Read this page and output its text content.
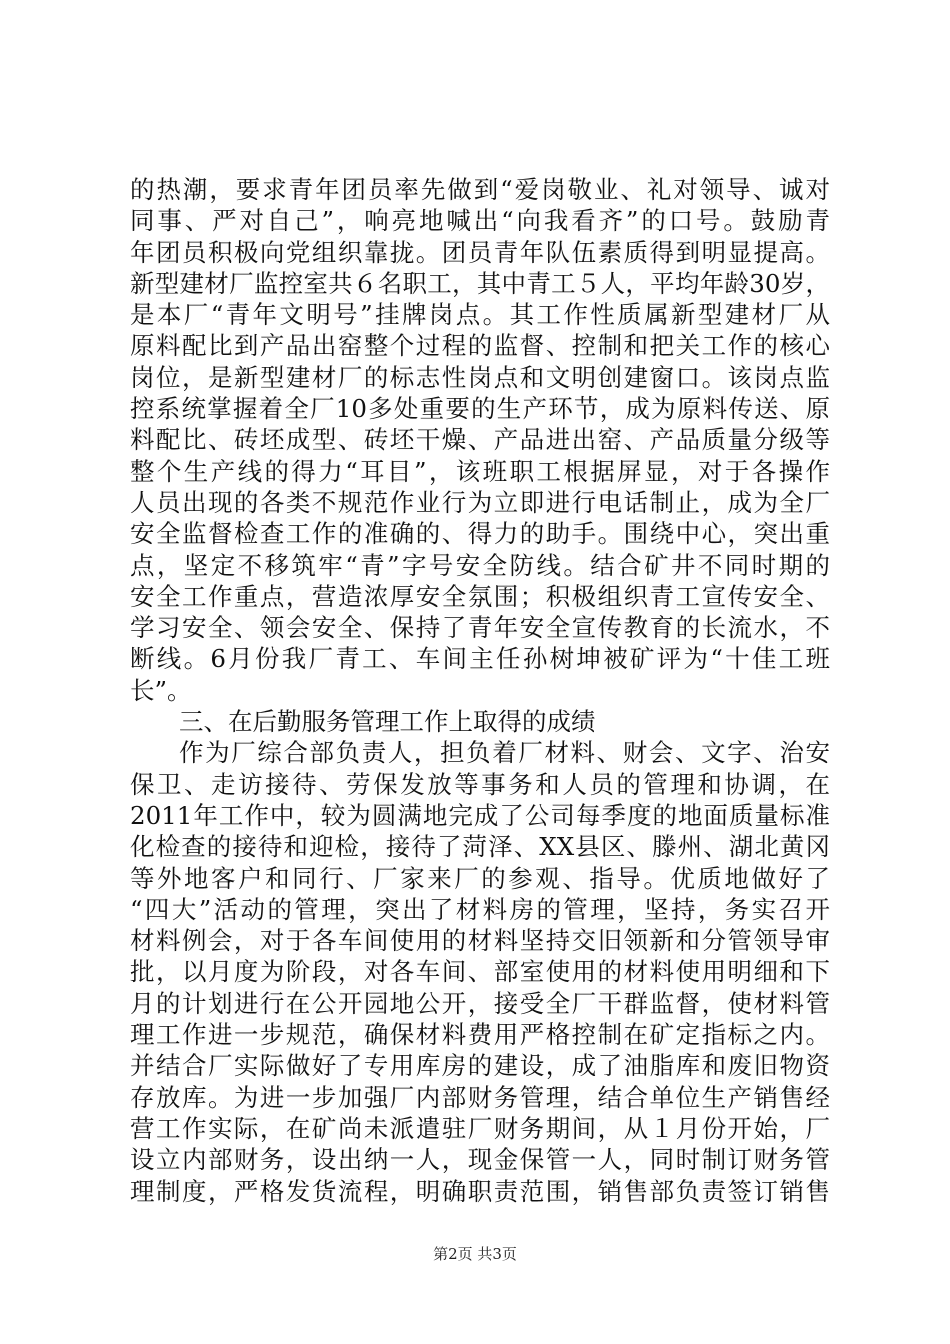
的热潮，要求青年团员率先做到“爱岗敬业、礼对领导、诚对
同事、严对自己”，响亮地喊出“向我看齐”的口号。鼓励青
年团员积极向党组织靠拢。团员青年队伍素质得到明显提高。
新型建材厂监控室共６名职工，其中青工５人，平均年龄30岁，
是本厂“青年文明号”挂牌岗点。其工作性质属新型建材厂从
原料配比到产品出窑整个过程的监督、控制和把关工作的核心
岗位，是新型建材厂的标志性岗点和文明创建窗口。该岗点监
控系统掌握着全厂10多处重要的生产环节，成为原料传送、原
料配比、砖坯成型、砖坯干燥、产品进出窑、产品质量分级等
整个生产线的得力“耳目”，该班职工根据屏显，对于各操作
人员出现的各类不规范作业行为立即进行电话制止，成为全厂
安全监督检查工作的准确的、得力的助手。围绕中心，突出重
点，坚定不移筑牢“青”字号安全防线。结合矿井不同时期的
安全工作重点，营造浓厚安全氛围；积极组织青工宣传安全、
学习安全、领会安全、保持了青年安全宣传教育的长流水，不
断线。6月份我厂青工、车间主任孙树坤被矿评为“十佳工班
长”。
三、在后勤服务管理工作上取得的成绩
作为厂综合部负责人，担负着厂材料、财会、文字、治安
保卫、走访接待、劳保发放等事务和人员的管理和协调，在
2011年工作中，较为圆满地完成了公司每季度的地面质量标准
化检查的接待和迎检，接待了菏泽、XX县区、滕州、湖北黄冈
等外地客户和同行、厂家来厂的参观、指导。优质地做好了
“四大”活动的管理，突出了材料房的管理，坚持，务实召开
材料例会，对于各车间使用的材料坚持交旧领新和分管领导审
批，以月度为阶段，对各车间、部室使用的材料使用明细和下
月的计划进行在公开园地公开，接受全厂干群监督，使材料管
理工作进一步规范，确保材料费用严格控制在矿定指标之内。
并结合厂实际做好了专用库房的建设，成了油脂库和废旧物资
存放库。为进一步加强厂内部财务管理，结合单位生产销售经
营工作实际，在矿尚未派遣驻厂财务期间，从１月份开始，厂
设立内部财务，设出纳一人，现金保管一人，同时制订财务管
理制度，严格发货流程，明确职责范围，销售部负责签订销售
第2页 共3页
